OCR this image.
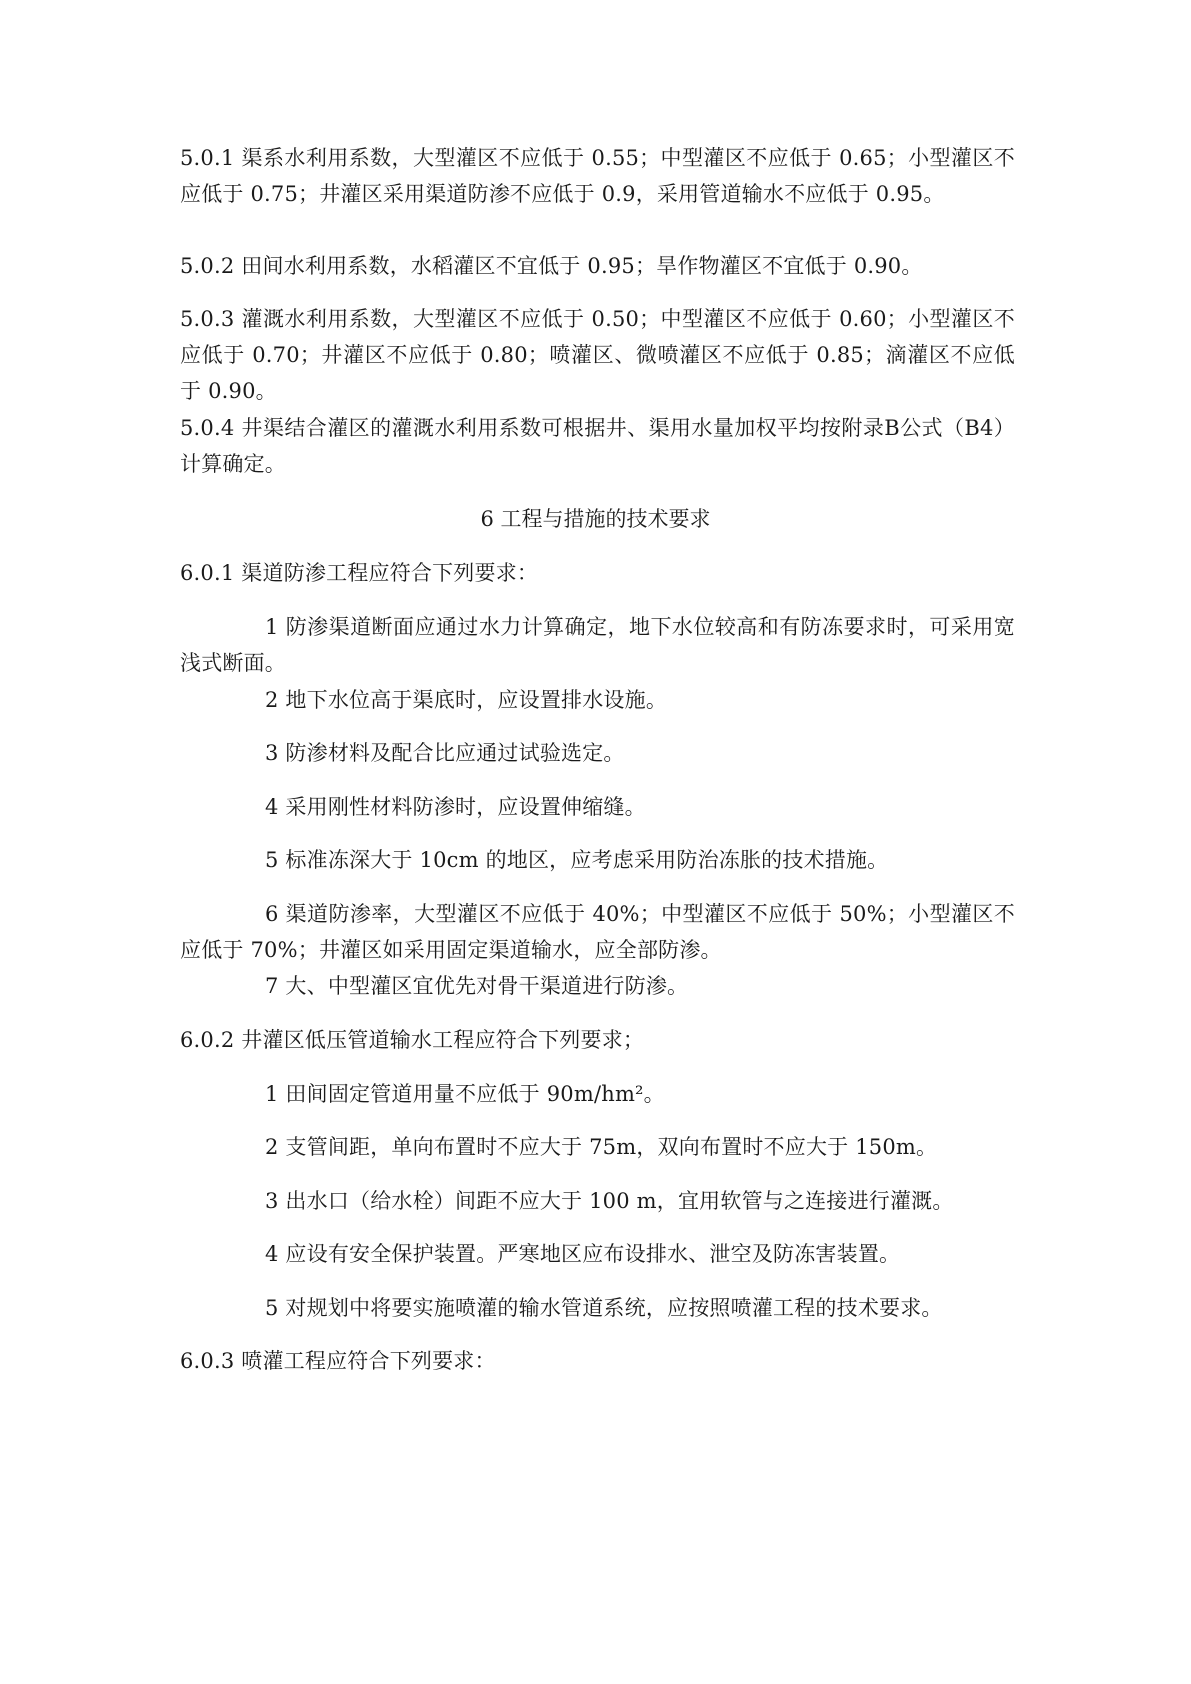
5.0.1 渠系水利用系数，大型灌区不应低于 0.55；中型灌区不应低于 0.65；小型灌区不应低于 0.75；井灌区采用渠道防渗不应低于 0.9，采用管道输水不应低于 0.95。

5.0.2 田间水利用系数，水稻灌区不宜低于 0.95；旱作物灌区不宜低于 0.90。

5.0.3 灌溉水利用系数，大型灌区不应低于 0.50；中型灌区不应低于 0.60；小型灌区不应低于 0.70；井灌区不应低于 0.80；喷灌区、微喷灌区不应低于 0.85；滴灌区不应低于 0.90。

5.0.4 井渠结合灌区的灌溉水利用系数可根据井、渠用水量加权平均按附录B公式（B4）计算确定。

6 工程与措施的技术要求

6.0.1 渠道防渗工程应符合下列要求：

1 防渗渠道断面应通过水力计算确定，地下水位较高和有防冻要求时，可采用宽浅式断面。

2 地下水位高于渠底时，应设置排水设施。

3 防渗材料及配合比应通过试验选定。

4 采用刚性材料防渗时，应设置伸缩缝。

5 标准冻深大于 10cm 的地区，应考虑采用防治冻胀的技术措施。

6 渠道防渗率，大型灌区不应低于 40%；中型灌区不应低于 50%；小型灌区不应低于 70%；井灌区如采用固定渠道输水，应全部防渗。

7 大、中型灌区宜优先对骨干渠道进行防渗。

6.0.2 井灌区低压管道输水工程应符合下列要求；

1 田间固定管道用量不应低于 90m/hm²。

2 支管间距，单向布置时不应大于 75m，双向布置时不应大于 150m。

3 出水口（给水栓）间距不应大于 100 m，宜用软管与之连接进行灌溉。

4 应设有安全保护装置。严寒地区应布设排水、泄空及防冻害装置。

5 对规划中将要实施喷灌的输水管道系统，应按照喷灌工程的技术要求。

6.0.3 喷灌工程应符合下列要求：
